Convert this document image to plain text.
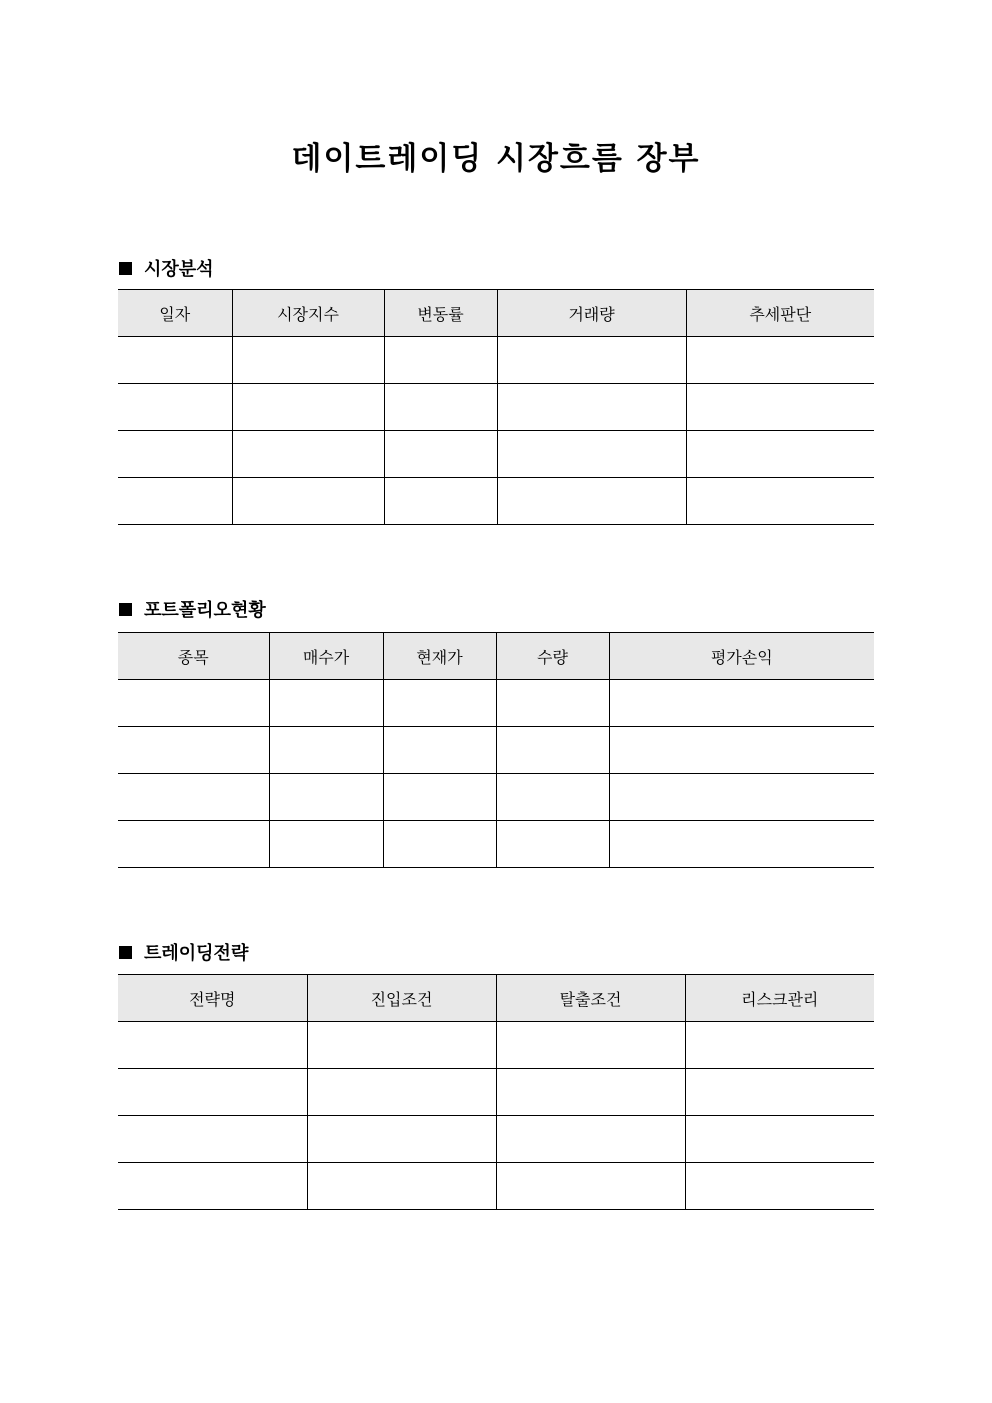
데이트레이딩 시장흐름 장부
시장분석
일자	시장지수	변동률	거래량	추세판단

포트폴리오현황
종목	매수가	현재가	수량	평가손익

트레이딩전략
전략명	진입조건	탈출조건	리스크관리
